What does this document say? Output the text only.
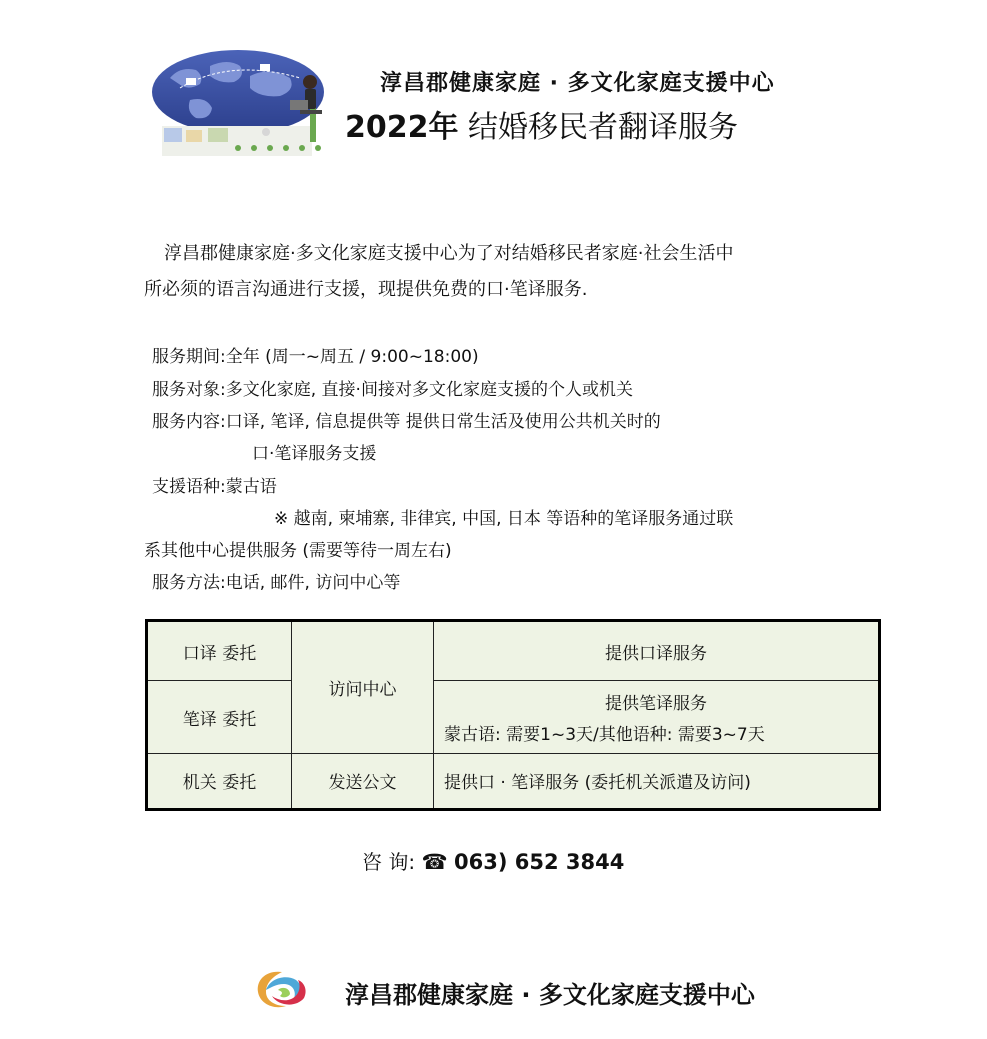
淳昌郡健康家庭 · 多文化家庭支援中心
2022年 结婚移民者翻译服务
淳昌郡健康家庭·多文化家庭支援中心为了对结婚移民者家庭·社会生活中
所必须的语言沟通进行支援，现提供免费的口·笔译服务.
服务期间:全年 (周一~周五 / 9:00~18:00)
服务对象:多文化家庭, 直接·间接对多文化家庭支援的个人或机关
服务内容:口译, 笔译, 信息提供等 提供日常生活及使用公共机关时的
口·笔译服务支援
支援语种:蒙古语
※ 越南, 柬埔寨, 非律宾, 中国, 日本 等语种的笔译服务通过联
系其他中心提供服务 (需要等待一周左右)
服务方法:电话, 邮件, 访问中心等
口译 委托	访问中心	提供口译服务
笔译 委托		提供笔译服务
蒙古语: 需要1~3天/其他语种: 需要3~7天

机关 委托	发送公文	提供口 · 笔译服务 (委托机关派遣及访问)
咨 询: ☎ 063) 652 3844
淳昌郡健康家庭 · 多文化家庭支援中心
